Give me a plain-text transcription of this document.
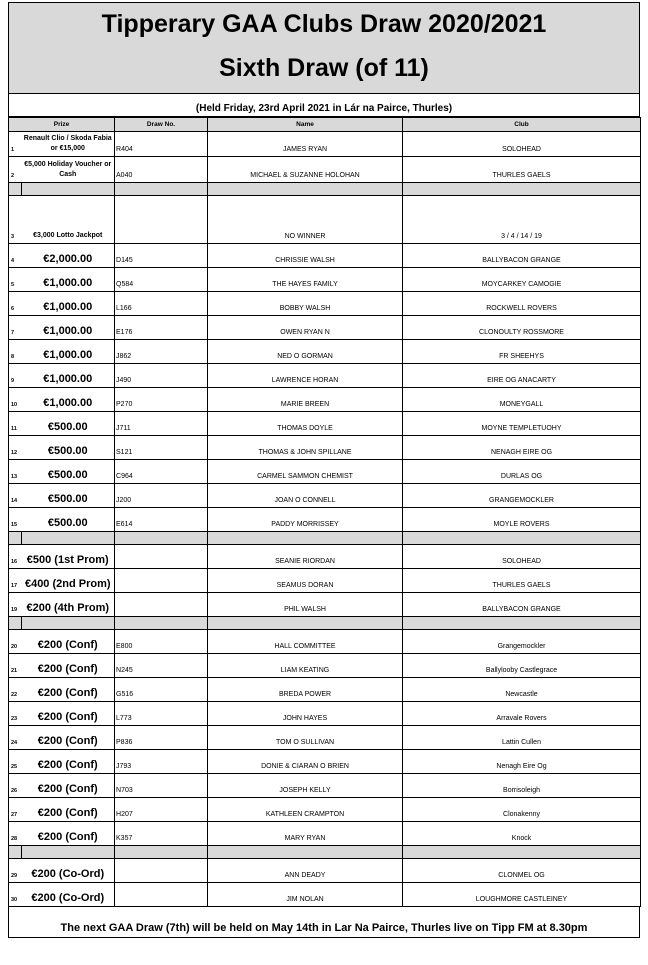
Tipperary GAA Clubs Draw 2020/2021
Sixth Draw (of 11)
(Held Friday, 23rd April 2021 in Lár na Pairce, Thurles)
Prize		Draw No.	Name	Club
1	Renault Clio / Skoda Fabia or €15,000	R404	JAMES RYAN	SOLOHEAD
2	€5,000 Holiday Voucher or Cash	A040	MICHAEL & SUZANNE HOLOHAN	THURLES GAELS

3	€3,000 Lotto Jackpot		NO WINNER	3 / 4 / 14 / 19
4	€2,000.00	D145	CHRISSIE WALSH	BALLYBACON GRANGE
5	€1,000.00	Q584	THE HAYES FAMILY	MOYCARKEY CAMOGIE
6	€1,000.00	L166	BOBBY WALSH	ROCKWELL ROVERS
7	€1,000.00	E176	OWEN RYAN N	CLONOULTY ROSSMORE
8	€1,000.00	J862	NED O GORMAN	FR SHEEHYS
9	€1,000.00	J490	LAWRENCE HORAN	EIRE OG ANACARTY
10	€1,000.00	P270	MARIE BREEN	MONEYGALL
11	€500.00	J711	THOMAS DOYLE	MOYNE TEMPLETUOHY
12	€500.00	S121	THOMAS & JOHN SPILLANE	NENAGH EIRE OG
13	€500.00	C964	CARMEL SAMMON CHEMIST	DURLAS OG
14	€500.00	J200	JOAN O CONNELL	GRANGEMOCKLER
15	€500.00	E614	PADDY MORRISSEY	MOYLE ROVERS

16	€500 (1st Prom)		SEANIE RIORDAN	SOLOHEAD
17	€400 (2nd Prom)		SEAMUS DORAN	THURLES GAELS
19	€200 (4th Prom)		PHIL WALSH	BALLYBACON GRANGE

20	€200 (Conf)	E800	HALL COMMITTEE	Grangemockler
21	€200 (Conf)	N245	LIAM KEATING	Ballylooby Castlegrace
22	€200 (Conf)	G516	BREDA POWER	Newcastle
23	€200 (Conf)	L773	JOHN HAYES	Arravale Rovers
24	€200 (Conf)	P836	TOM O SULLIVAN	Lattin Cullen
25	€200 (Conf)	J793	DONIE & CIARAN O BRIEN	Nenagh Eire Og
26	€200 (Conf)	N703	JOSEPH KELLY	Borrisoleigh
27	€200 (Conf)	H207	KATHLEEN CRAMPTON	Clonakenny
28	€200 (Conf)	K357	MARY RYAN	Knock

29	€200 (Co-Ord)		ANN DEADY	CLONMEL OG
30	€200 (Co-Ord)		JIM NOLAN	LOUGHMORE CASTLEINEY
The next GAA Draw (7th) will be held on May 14th in Lar Na Pairce, Thurles live on Tipp FM at 8.30pm
